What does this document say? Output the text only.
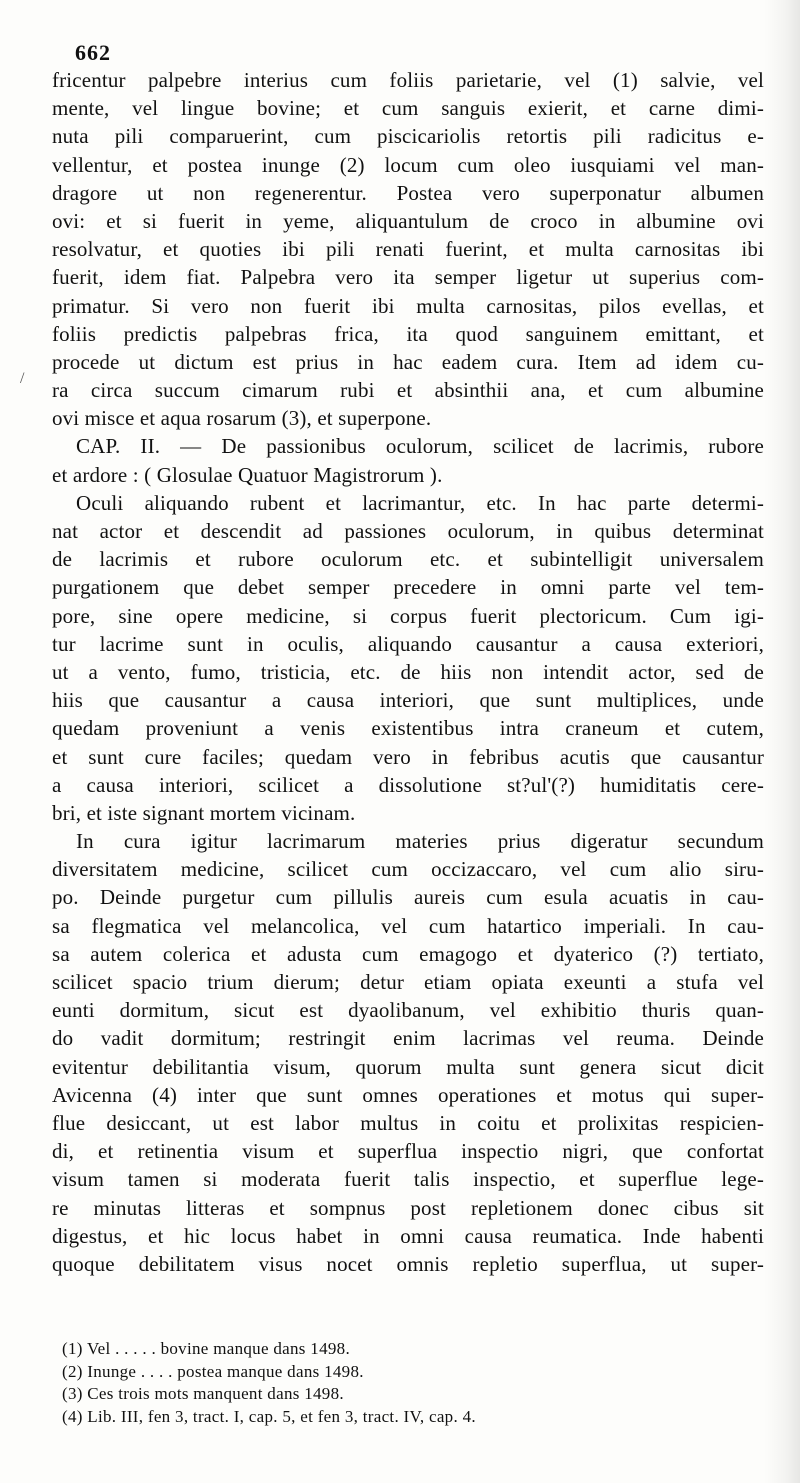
662
/
fricentur palpebre interius cum foliis parietarie, vel (1) salvie, vel
mente, vel lingue bovine; et cum sanguis exierit, et carne dimi-
nuta pili comparuerint, cum piscicariolis retortis pili radicitus e-
vellentur, et postea inunge (2) locum cum oleo iusquiami vel man-
dragore ut non regenerentur. Postea vero superponatur albumen
ovi: et si fuerit in yeme, aliquantulum de croco in albumine ovi
resolvatur, et quoties ibi pili renati fuerint, et multa carnositas ibi
fuerit, idem fiat. Palpebra vero ita semper ligetur ut superius com-
primatur. Si vero non fuerit ibi multa carnositas, pilos evellas, et
foliis predictis palpebras frica, ita quod sanguinem emittant, et
procede ut dictum est prius in hac eadem cura. Item ad idem cu-
ra circa succum cimarum rubi et absinthii ana, et cum albumine
ovi misce et aqua rosarum (3), et superpone.
CAP. II. — De passionibus oculorum, scilicet de lacrimis, rubore
et ardore : ( Glosulae Quatuor Magistrorum ).
Oculi aliquando rubent et lacrimantur, etc. In hac parte determi-
nat actor et descendit ad passiones oculorum, in quibus determinat
de lacrimis et rubore oculorum etc. et subintelligit universalem
purgationem que debet semper precedere in omni parte vel tem-
pore, sine opere medicine, si corpus fuerit plectoricum. Cum igi-
tur lacrime sunt in oculis, aliquando causantur a causa exteriori,
ut a vento, fumo, tristicia, etc. de hiis non intendit actor, sed de
hiis que causantur a causa interiori, que sunt multiplices, unde
quedam proveniunt a venis existentibus intra craneum et cutem,
et sunt cure faciles; quedam vero in febribus acutis que causantur
a causa interiori, scilicet a dissolutione st?ul'(?) humiditatis cere-
bri, et iste signant mortem vicinam.
In cura igitur lacrimarum materies prius digeratur secundum
diversitatem medicine, scilicet cum occizaccaro, vel cum alio siru-
po. Deinde purgetur cum pillulis aureis cum esula acuatis in cau-
sa flegmatica vel melancolica, vel cum hatartico imperiali. In cau-
sa autem colerica et adusta cum emagogo et dyaterico (?) tertiato,
scilicet spacio trium dierum; detur etiam opiata exeunti a stufa vel
eunti dormitum, sicut est dyaolibanum, vel exhibitio thuris quan-
do vadit dormitum; restringit enim lacrimas vel reuma. Deinde
evitentur debilitantia visum, quorum multa sunt genera sicut dicit
Avicenna (4) inter que sunt omnes operationes et motus qui super-
flue desiccant, ut est labor multus in coitu et prolixitas respicien-
di, et retinentia visum et superflua inspectio nigri, que confortat
visum tamen si moderata fuerit talis inspectio, et superflue lege-
re minutas litteras et sompnus post repletionem donec cibus sit
digestus, et hic locus habet in omni causa reumatica. Inde habenti
quoque debilitatem visus nocet omnis repletio superflua, ut super-
(1) Vel . . . . . bovine manque dans 1498.
(2) Inunge . . . . postea manque dans 1498.
(3) Ces trois mots manquent dans 1498.
(4) Lib. III, fen 3, tract. I, cap. 5, et fen 3, tract. IV, cap. 4.
